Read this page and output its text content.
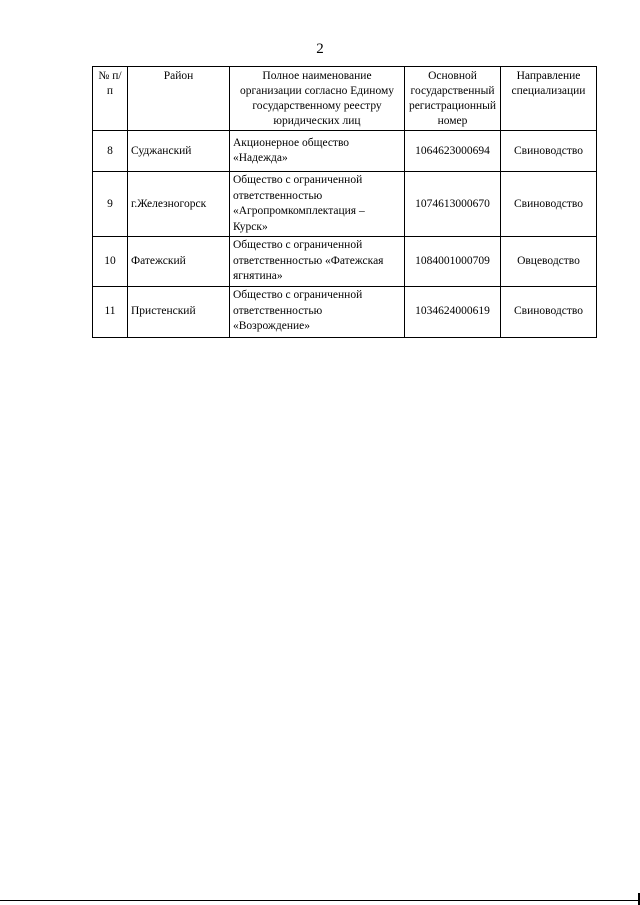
2
№ п/п	Район	Полное наименование организации согласно Единому государственному реестру юридических лиц	Основной государственный регистрационный номер	Направление специализации
8	Суджанский	Акционерное общество «Надежда»	1064623000694	Свиноводство
9	г.Железногорск	Общество с ограниченной ответственностью «Агропромкомплектация – Курск»	1074613000670	Свиноводство
10	Фатежский	Общество с ограниченной ответственностью «Фатежская ягнятина»	1084001000709	Овцеводство
11	Пристенский	Общество с ограниченной ответственностью «Возрождение»	1034624000619	Свиноводство
